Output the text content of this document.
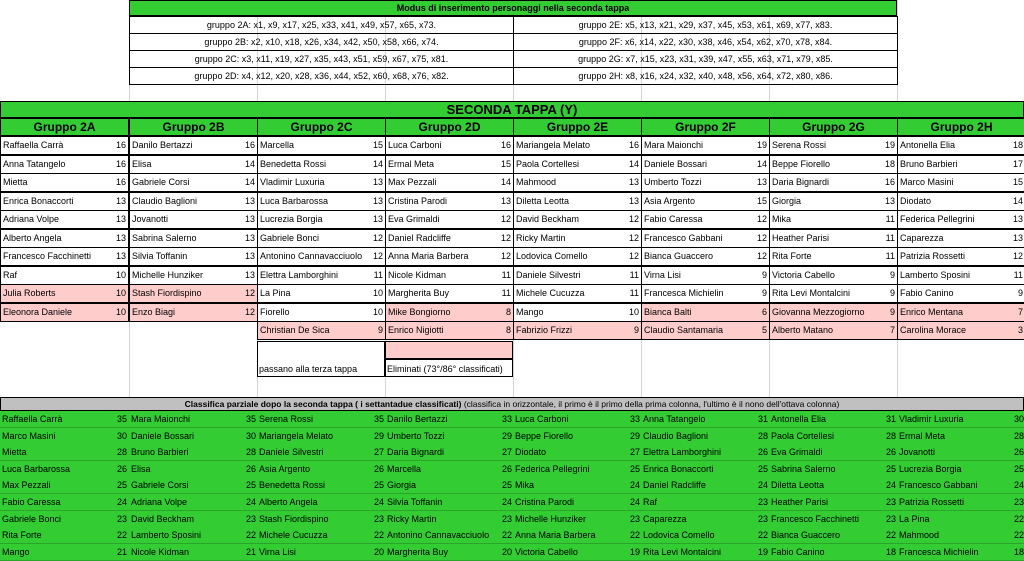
Modus di inserimento personaggi nella seconda tappa
gruppo 2A: x1, x9, x17, x25, x33, x41, x49, x57, x65, x73.	gruppo 2E: x5, x13, x21, x29, x37, x45, x53, x61, x69, x77, x83.
gruppo 2B: x2, x10, x18, x26, x34, x42, x50, x58, x66, x74.	gruppo 2F: x6, x14, x22, x30, x38, x46, x54, x62, x70, x78, x84.
gruppo 2C: x3, x11, x19, x27, x35, x43, x51, x59, x67, x75, x81.	gruppo 2G: x7, x15, x23, x31, x39, x47, x55, x63, x71, x79, x85.
gruppo 2D: x4, x12, x20, x28, x36, x44, x52, x60, x68, x76, x82.	gruppo 2H: x8, x16, x24, x32, x40, x48, x56, x64, x72, x80, x86.
SECONDA TAPPA (Y)
Gruppo 2A
Raffaella Carrà	16
Anna Tatangelo	16
Mietta	16
Enrica Bonaccorti	13
Adriana Volpe	13
Alberto Angela	13
Francesco Facchinetti	13
Raf	10
Julia Roberts	10
Eleonora Daniele	10
Gruppo 2B
Danilo Bertazzi	16
Elisa	14
Gabriele Corsi	14
Claudio Baglioni	13
Jovanotti	13
Sabrina Salerno	13
Silvia Toffanin	13
Michelle Hunziker	13
Stash Fiordispino	12
Enzo Biagi	12
Gruppo 2C
Marcella	15
Benedetta Rossi	14
Vladimir Luxuria	13
Luca Barbarossa	13
Lucrezia Borgia	13
Gabriele Bonci	12
Antonino Cannavacciuolo 12
Elettra Lamborghini	11
La Pina	10
Fiorello	10
Christian De Sica	9
Gruppo 2D
Luca Carboni	16
Ermal Meta	15
Max Pezzali	14
Cristina Parodi	13
Eva Grimaldi	12
Daniel Radcliffe	12
Anna Maria Barbera	12
Nicole Kidman	11
Margherita Buy	11
Mike Bongiorno	8
Enrico Nigiotti	8
Gruppo 2E
Mariangela Melato	16
Paola Cortellesi	14
Mahmood	13
Diletta Leotta	13
David Beckham	12
Ricky Martin	12
Lodovica Comello	12
Daniele Silvestri	11
Michele Cucuzza	11
Mango	10
Fabrizio Frizzi	9
Gruppo 2F
Mara Maionchi	19
Daniele Bossari	14
Umberto Tozzi	13
Asia Argento	15
Fabio Caressa	12
Francesco Gabbani	12
Bianca Guaccero	12
Virna Lisi	9
Francesca Michielin	9
Bianca Balti	6
Claudio Santamaria	5
Gruppo 2G
Serena Rossi	19
Beppe Fiorello	18
Daria Bignardi	16
Giorgia	13
Mika	11
Heather Parisi	11
Rita Forte	11
Victoria Cabello	9
Rita Levi Montalcini	9
Giovanna Mezzogiorno	9
Alberto Matano	7
Gruppo 2H
Antonella Elia	18
Bruno Barbieri	17
Marco Masini	15
Diodato	14
Federica Pellegrini	13
Caparezza	13
Patrizia Rossetti	12
Lamberto Sposini	11
Fabio Canino	9
Enrico Mentana	7
Carolina Morace	3
passano alla terza tappa	Eliminati (73°/86° classificati)
Classifica parziale dopo la seconda tappa ( i settantadue classificati) (classifica in orizzontale, il primo è il primo della prima colonna, l'ultimo è il nono dell'ottava colonna)
Raffaella Carrà	35
Marco Masini	30
Mietta	28
Luca Barbarossa	26
Max Pezzali	25
Fabio Caressa	24
Gabriele Bonci	23
Rita Forte	22
Mango	21
Mara Maionchi	35
Daniele Bossari	30
Bruno Barbieri	28
Elisa	26
Gabriele Corsi	25
Adriana Volpe	24
David Beckham	23
Lamberto Sposini	22
Nicole Kidman	21
Serena Rossi	35
Mariangela Melato	29
Daniele Silvestri	27
Asia Argento	26
Benedetta Rossi	25
Alberto Angela	24
Stash Fiordispino	23
Michele Cucuzza	22
Virna Lisi	20
Danilo Bertazzi	33
Umberto Tozzi	29
Daria Bignardi	27
Marcella	26
Giorgia	25
Silvia Toffanin	24
Ricky Martin	23
Antonino Cannavacciuolo 22
Margherita Buy	20
Luca Carboni	33
Beppe Fiorello	29
Diodato	27
Federica Pellegrini	25
Mika	24
Cristina Parodi	24
Michelle Hunziker	23
Anna Maria Barbera	22
Victoria Cabello	19
Anna Tatangelo	31
Claudio Baglioni	28
Elettra Lamborghini	26
Enrica Bonaccorti	25
Daniel Radcliffe	24
Raf	23
Caparezza	23
Lodovica Comello	22
Rita Levi Montalcini	19
Antonella Elia	31
Paola Cortellesi	28
Eva Grimaldi	26
Sabrina Salerno	25
Diletta Leotta	24
Heather Parisi	23
Francesco Facchinetti	23
Bianca Guaccero	22
Fabio Canino	18
Vladimir Luxuria	30
Ermal Meta	28
Jovanotti	26
Lucrezia Borgia	25
Francesco Gabbani	24
Patrizia Rossetti	23
La Pina	22
Mahmood	22
Francesca Michielin	18
